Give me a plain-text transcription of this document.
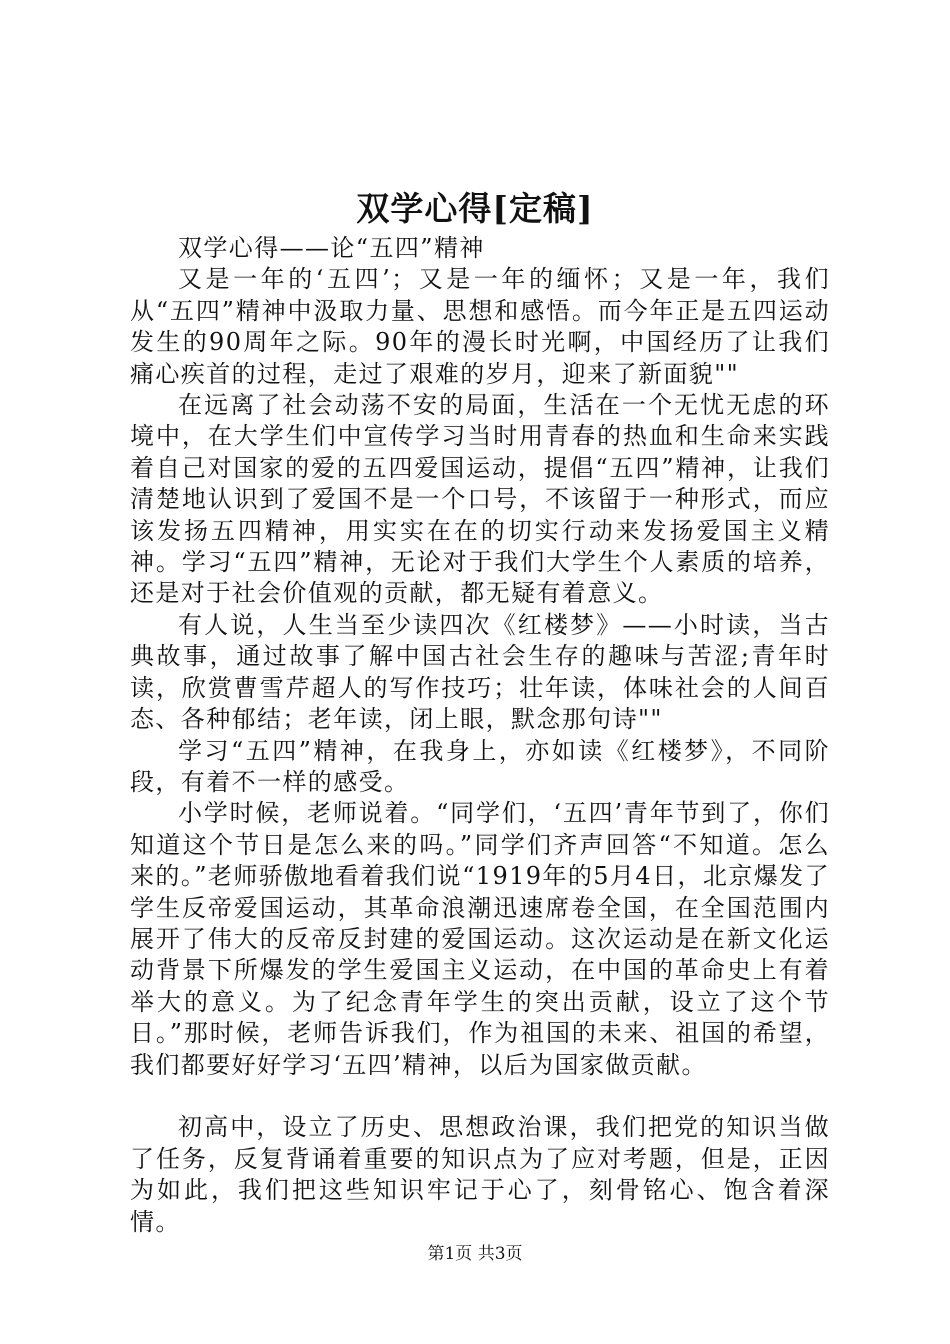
双学心得[定稿]

双学心得——论“五四”精神

又是一年的‘五四’；又是一年的缅怀；又是一年，我们从“五四”精神中汲取力量、思想和感悟。而今年正是五四运动发生的90周年之际。90年的漫长时光啊，中国经历了让我们痛心疾首的过程，走过了艰难的岁月，迎来了新面貌""

在远离了社会动荡不安的局面，生活在一个无忧无虑的环境中，在大学生们中宣传学习当时用青春的热血和生命来实践着自己对国家的爱的五四爱国运动，提倡“五四”精神，让我们清楚地认识到了爱国不是一个口号，不该留于一种形式，而应该发扬五四精神，用实实在在的切实行动来发扬爱国主义精神。学习“五四”精神，无论对于我们大学生个人素质的培养，还是对于社会价值观的贡献，都无疑有着意义。

有人说，人生当至少读四次《红楼梦》——小时读，当古典故事，通过故事了解中国古社会生存的趣味与苦涩;青年时读，欣赏曹雪芹超人的写作技巧；壮年读，体味社会的人间百态、各种郁结；老年读，闭上眼，默念那句诗""

学习“五四”精神，在我身上，亦如读《红楼梦》，不同阶段，有着不一样的感受。

小学时候，老师说着。“同学们，‘五四’青年节到了，你们知道这个节日是怎么来的吗。”同学们齐声回答“不知道。怎么来的。”老师骄傲地看着我们说“1919年的5月4日，北京爆发了学生反帝爱国运动，其革命浪潮迅速席卷全国，在全国范围内展开了伟大的反帝反封建的爱国运动。这次运动是在新文化运动背景下所爆发的学生爱国主义运动，在中国的革命史上有着举大的意义。为了纪念青年学生的突出贡献，设立了这个节日。”那时候，老师告诉我们，作为祖国的未来、祖国的希望，我们都要好好学习‘五四’精神，以后为国家做贡献。

初高中，设立了历史、思想政治课，我们把党的知识当做了任务，反复背诵着重要的知识点为了应对考题，但是，正因为如此，我们把这些知识牢记于心了，刻骨铭心、饱含着深情。

第1页 共3页
